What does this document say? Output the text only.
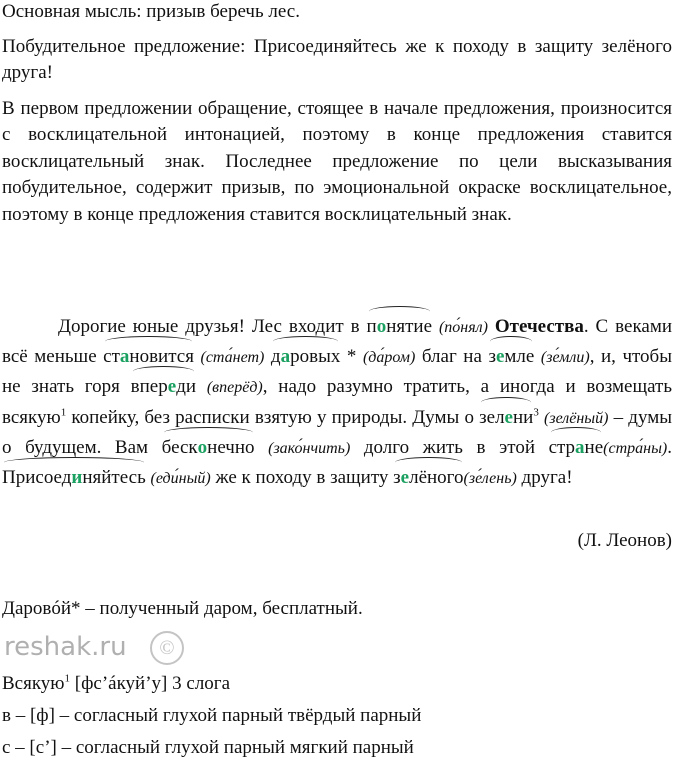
Основная мысль: призыв беречь лес.

Побудительное предложение: Присоединяйтесь же к походу в защиту зелёного друга!

В первом предложении обращение, стоящее в начале предложения, произносится с восклицательной интонацией, поэтому в конце предложения ставится восклицательный знак. Последнее предложение по цели высказывания побудительное, содержит призыв, по эмоциональной окраске восклицательное, поэтому в конце предложения ставится восклицательный знак.

Дорогие юные друзья! Лес входит в
понятие (по́нял) Отечества. С веками всё меньше
становится (ста́нет) даровых * (да́ром) благ на
земле (зе́мли), и, чтобы не знать горя
впереди (вперёд), надо разумно тратить, а иногда и возмещать всякую$^1$ копейку, без расписки взятую у природы. Думы о
зелени$^3$ (зелёный) – думы о будущем. Вам
бесконечно (зако́нчить) долго жить в этой
стране(стра́ны).
Присоединяйтесь (еди́ный) же к походу в защиту
зелёного(зе́лень) друга!
(Л. Леонов)
Даровóй* – полученный даром, бесплатный.
reshak.ru	©
Всякую$^1$ [фс’áкуй’у] 3 слога
в – [ф] – согласный глухой парный твёрдый парный
с – [с’] – согласный глухой парный мягкий парный
